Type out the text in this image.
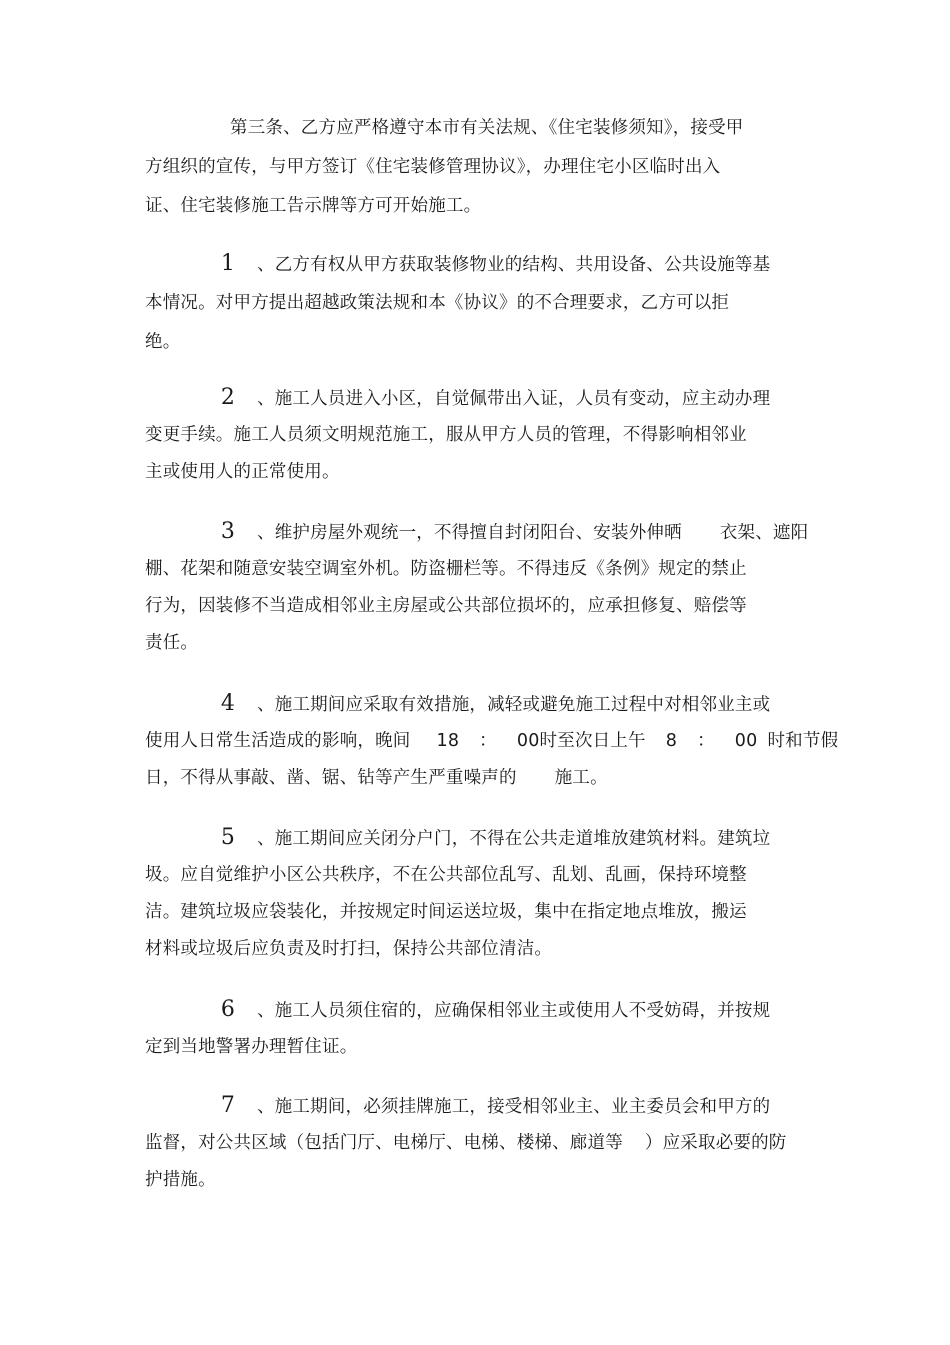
第三条、乙方应严格遵守本市有关法规、《住宅装修须知》，接受甲
方组织的宣传，与甲方签订《住宅装修管理协议》，办理住宅小区临时出入
证、住宅装修施工告示牌等方可开始施工。
1 、乙方有权从甲方获取装修物业的结构、共用设备、公共设施等基
本情况。对甲方提出超越政策法规和本《协议》的不合理要求，乙方可以拒
绝。
2 、施工人员进入小区，自觉佩带出入证，人员有变动，应主动办理
变更手续。施工人员须文明规范施工，服从甲方人员的管理，不得影响相邻业
主或使用人的正常使用。
3 、维护房屋外观统一，不得擅自封闭阳台、安装外伸晒 衣架、遮阳
棚、花架和随意安装空调室外机。防盗栅栏等。不得违反《条例》规定的禁止
行为，因装修不当造成相邻业主房屋或公共部位损坏的，应承担修复、赔偿等
责任。
4 、施工期间应采取有效措施，减轻或避免施工过程中对相邻业主或
使用人日常生活造成的影响，晚间 18 ： 00时至次日上午 8 ： 00 时和节假
日，不得从事敲、凿、锯、钻等产生严重噪声的 施工。
5 、施工期间应关闭分户门，不得在公共走道堆放建筑材料。建筑垃
圾。应自觉维护小区公共秩序，不在公共部位乱写、乱划、乱画，保持环境整
洁。建筑垃圾应袋装化，并按规定时间运送垃圾，集中在指定地点堆放，搬运
材料或垃圾后应负责及时打扫，保持公共部位清洁。
6 、施工人员须住宿的，应确保相邻业主或使用人不受妨碍，并按规
定到当地警署办理暂住证。
7 、施工期间，必须挂牌施工，接受相邻业主、业主委员会和甲方的
监督，对公共区域（包括门厅、电梯厅、电梯、楼梯、廊道等 ）应采取必要的防
护措施。
